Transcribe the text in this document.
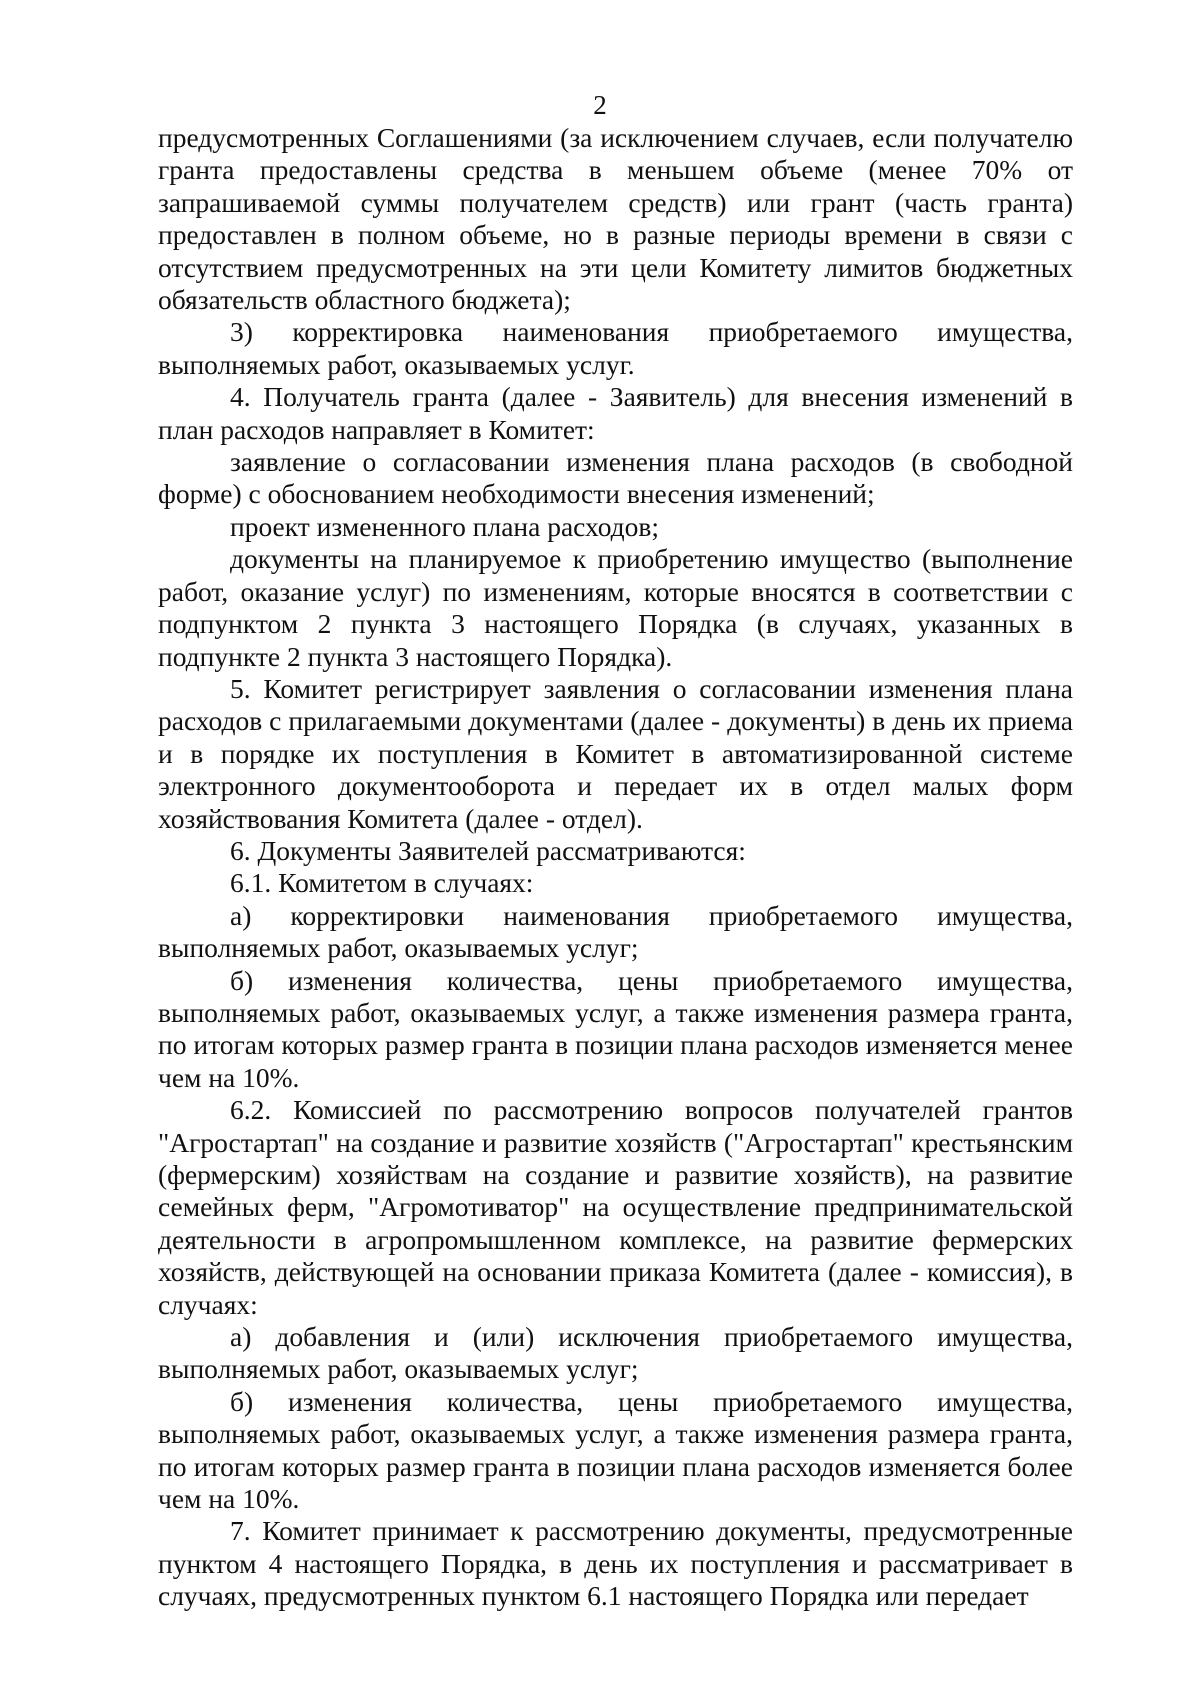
2

предусмотренных Соглашениями (за исключением случаев, если получателю гранта предоставлены средства в меньшем объеме (менее 70% от запрашиваемой суммы получателем средств) или грант (часть гранта) предоставлен в полном объеме, но в разные периоды времени в связи с отсутствием предусмотренных на эти цели Комитету лимитов бюджетных обязательств областного бюджета);

3) корректировка наименования приобретаемого имущества, выполняемых работ, оказываемых услуг.

4. Получатель гранта (далее - Заявитель) для внесения изменений в план расходов направляет в Комитет:

заявление о согласовании изменения плана расходов (в свободной форме) с обоснованием необходимости внесения изменений;

проект измененного плана расходов;

документы на планируемое к приобретению имущество (выполнение работ, оказание услуг) по изменениям, которые вносятся в соответствии с подпунктом 2 пункта 3 настоящего Порядка (в случаях, указанных в подпункте 2 пункта 3 настоящего Порядка).

5. Комитет регистрирует заявления о согласовании изменения плана расходов с прилагаемыми документами (далее - документы) в день их приема и в порядке их поступления в Комитет в автоматизированной системе электронного документооборота и передает их в отдел малых форм хозяйствования Комитета (далее - отдел).

6. Документы Заявителей рассматриваются:

6.1. Комитетом в случаях:

а) корректировки наименования приобретаемого имущества, выполняемых работ, оказываемых услуг;

б) изменения количества, цены приобретаемого имущества, выполняемых работ, оказываемых услуг, а также изменения размера гранта, по итогам которых размер гранта в позиции плана расходов изменяется менее чем на 10%.

6.2. Комиссией по рассмотрению вопросов получателей грантов "Агростартап" на создание и развитие хозяйств ("Агростартап" крестьянским (фермерским) хозяйствам на создание и развитие хозяйств), на развитие семейных ферм, "Агромотиватор" на осуществление предпринимательской деятельности в агропромышленном комплексе, на развитие фермерских хозяйств, действующей на основании приказа Комитета (далее - комиссия), в случаях:

а) добавления и (или) исключения приобретаемого имущества, выполняемых работ, оказываемых услуг;

б) изменения количества, цены приобретаемого имущества, выполняемых работ, оказываемых услуг, а также изменения размера гранта, по итогам которых размер гранта в позиции плана расходов изменяется более чем на 10%.

7. Комитет принимает к рассмотрению документы, предусмотренные пунктом 4 настоящего Порядка, в день их поступления и рассматривает в случаях, предусмотренных пунктом 6.1 настоящего Порядка или передает
